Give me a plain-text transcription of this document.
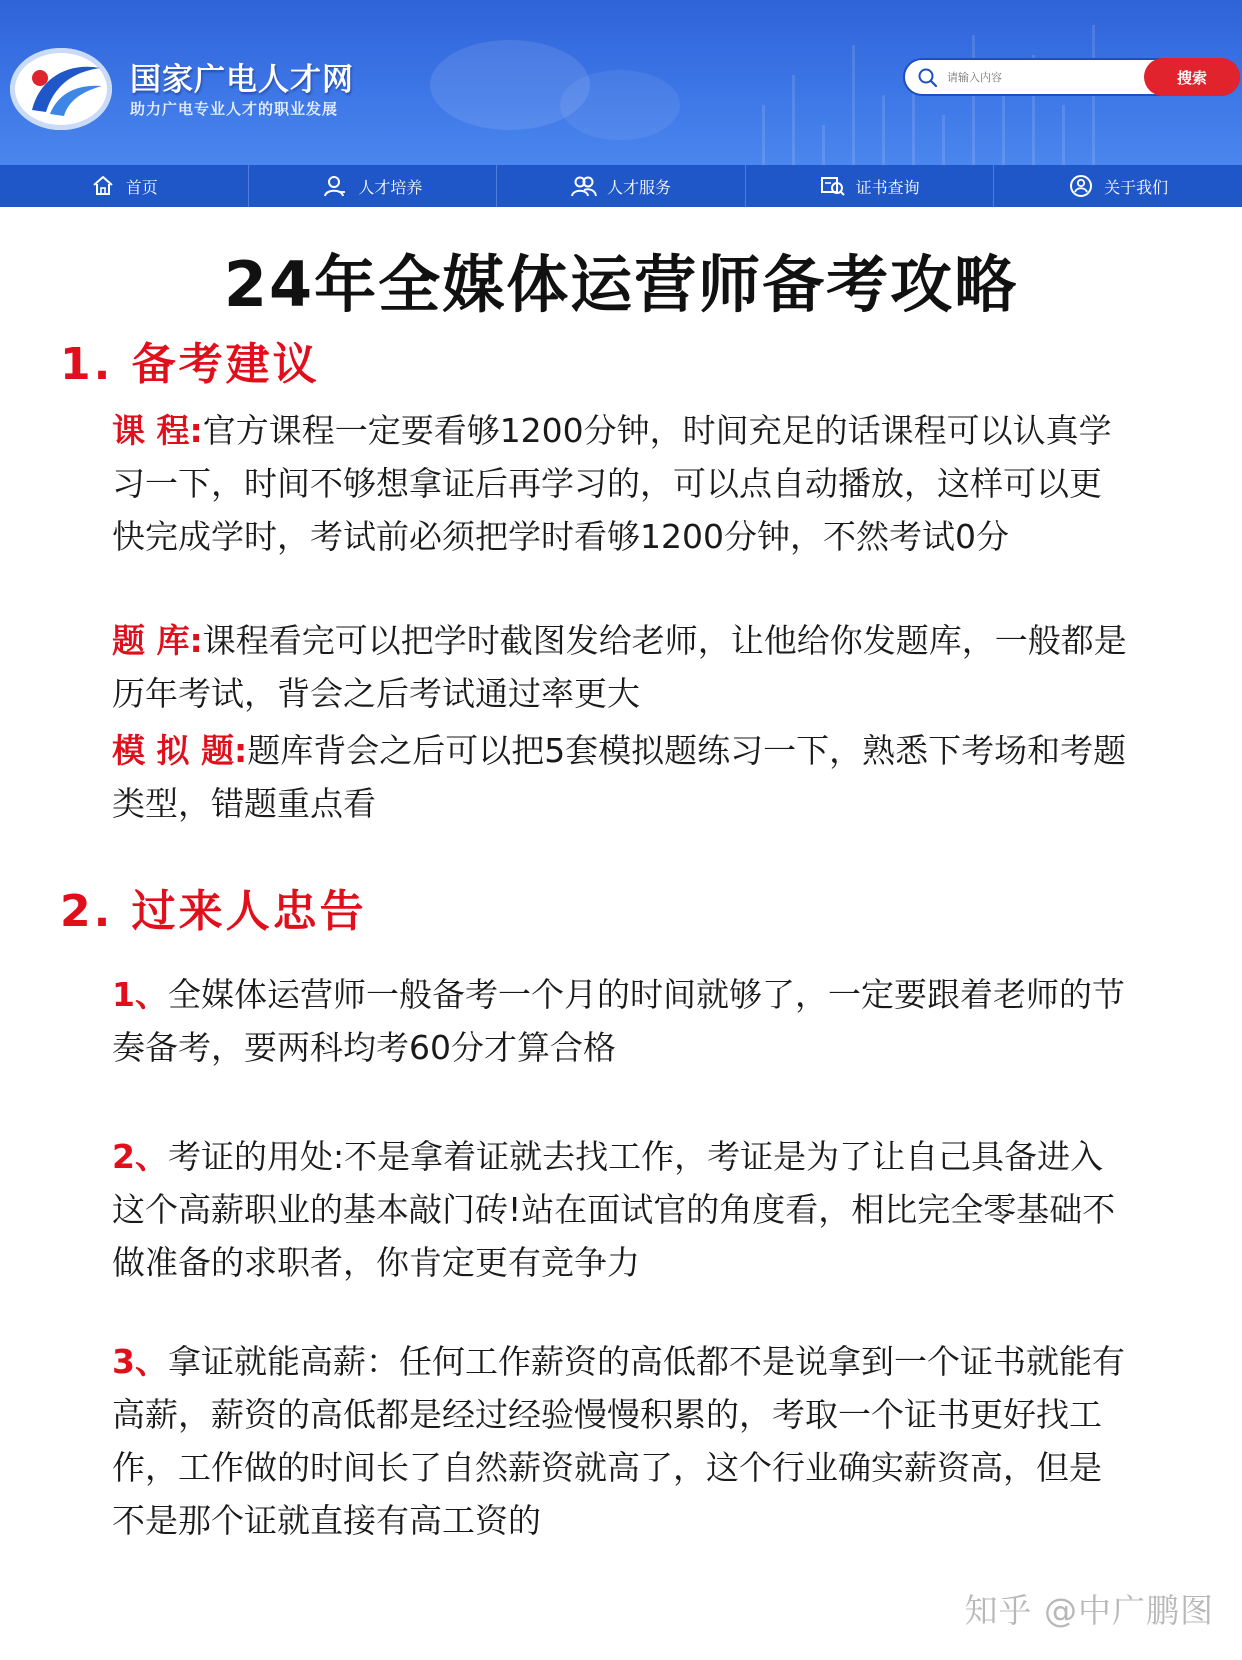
国家广电人才网
助力广电专业人才的职业发展
请输入内容
搜索
首页	人才培养	人才服务	证书查询	关于我们
24年全媒体运营师备考攻略
1. 备考建议
课 程:官方课程一定要看够1200分钟，时间充足的话课程可以认真学习一下，时间不够想拿证后再学习的，可以点自动播放，这样可以更快完成学时，考试前必须把学时看够1200分钟，不然考试0分
题 库:课程看完可以把学时截图发给老师，让他给你发题库，一般都是历年考试，背会之后考试通过率更大
模 拟 题:题库背会之后可以把5套模拟题练习一下，熟悉下考场和考题类型，错题重点看
2. 过来人忠告
1、全媒体运营师一般备考一个月的时间就够了，一定要跟着老师的节奏备考，要两科均考60分才算合格
2、考证的用处:不是拿着证就去找工作，考证是为了让自己具备进入这个高薪职业的基本敲门砖!站在面试官的角度看，相比完全零基础不做准备的求职者，你肯定更有竞争力
3、拿证就能高薪：任何工作薪资的高低都不是说拿到一个证书就能有高薪，薪资的高低都是经过经验慢慢积累的，考取一个证书更好找工作，工作做的时间长了自然薪资就高了，这个行业确实薪资高，但是不是那个证就直接有高工资的
知乎 @中广鹏图
